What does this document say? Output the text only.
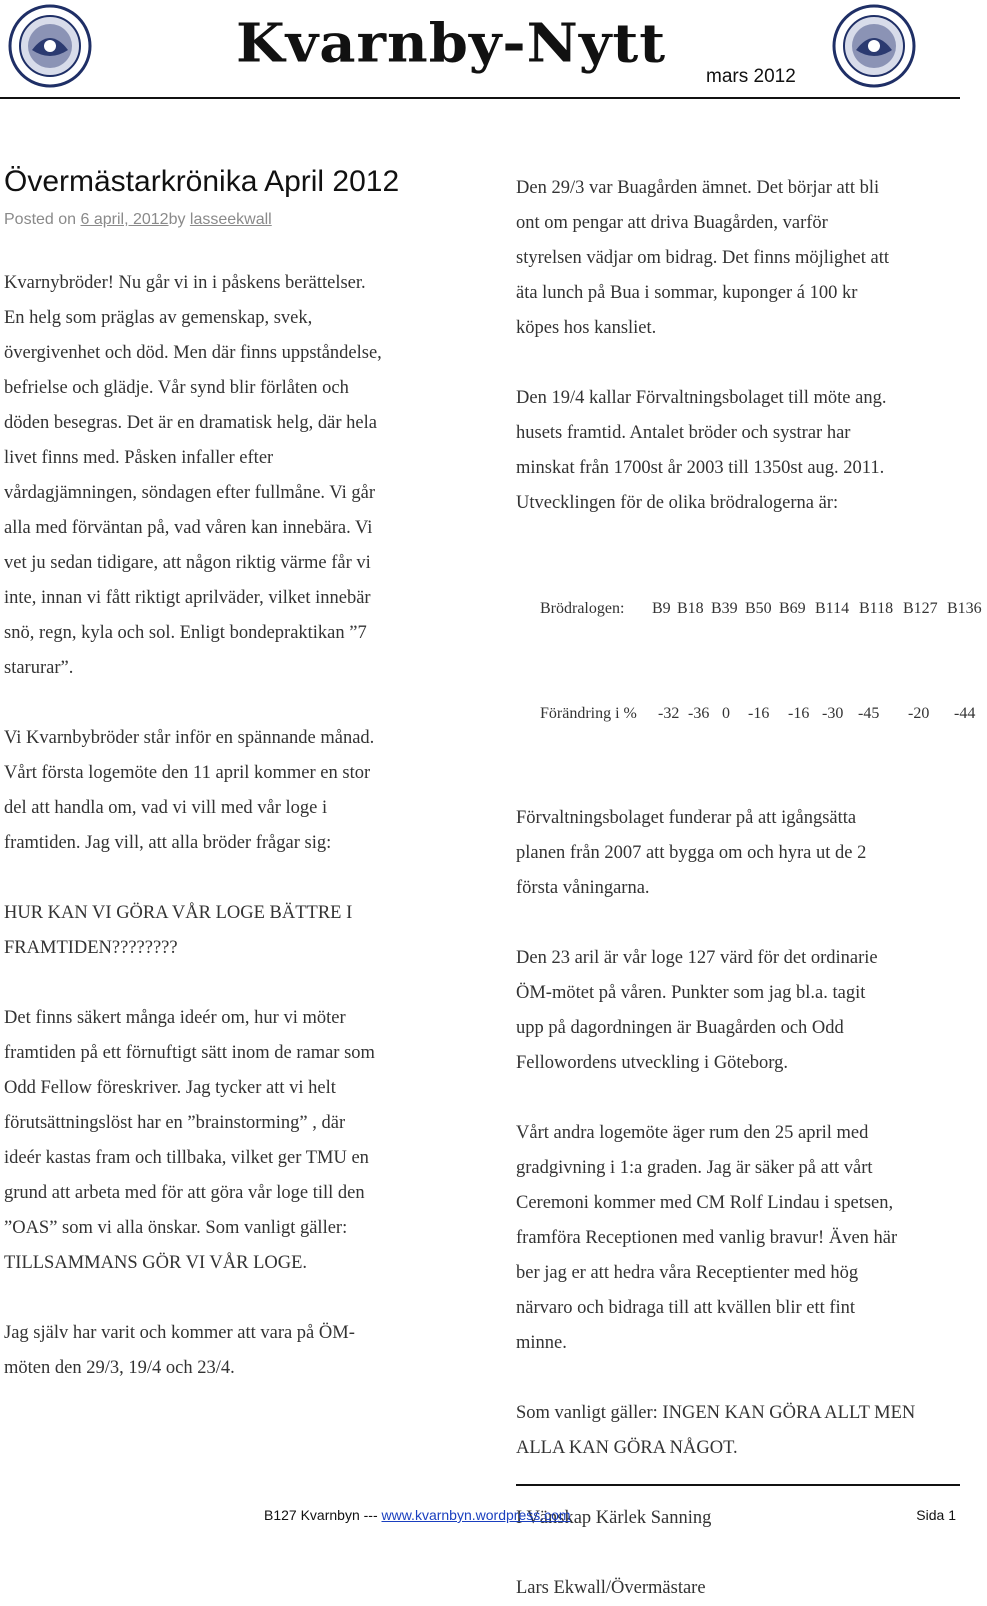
Kvarnby-Nytt
mars 2012
Övermästarkrönika April 2012
Posted on 6 april, 2012by lasseekwall

Kvarnybröder! Nu går vi in i påskens berättelser.
En helg som präglas av gemenskap, svek,
övergivenhet och död. Men där finns uppståndelse,
befrielse och glädje. Vår synd blir förlåten och
döden besegras. Det är en dramatisk helg, där hela
livet finns med. Påsken infaller efter
vårdagjämningen, söndagen efter fullmåne. Vi går
alla med förväntan på, vad våren kan innebära. Vi
vet ju sedan tidigare, att någon riktig värme får vi
inte, innan vi fått riktigt aprilväder, vilket innebär
snö, regn, kyla och sol. Enligt bondepraktikan ”7
starurar”.

Vi Kvarnbybröder står inför en spännande månad.
Vårt första logemöte den 11 april kommer en stor
del att handla om, vad vi vill med vår loge i
framtiden. Jag vill, att alla bröder frågar sig:

HUR KAN VI GÖRA VÅR LOGE BÄTTRE I
FRAMTIDEN????????

Det finns säkert många ideér om, hur vi möter
framtiden på ett förnuftigt sätt inom de ramar som
Odd Fellow föreskriver. Jag tycker att vi helt
förutsättningslöst har en ”brainstorming” , där
ideér kastas fram och tillbaka, vilket ger TMU en
grund att arbeta med för att göra vår loge till den
”OAS” som vi alla önskar. Som vanligt gäller:
TILLSAMMANS GÖR VI VÅR LOGE.

Jag själv har varit och kommer att vara på ÖM-
möten den 29/3, 19/4 och 23/4.

Den 29/3 var Buagården ämnet. Det börjar att bli
ont om pengar att driva Buagården, varför
styrelsen vädjar om bidrag. Det finns möjlighet att
äta lunch på Bua i sommar, kuponger á 100 kr
köpes hos kansliet.

Den 19/4 kallar Förvaltningsbolaget till möte ang.
husets framtid. Antalet bröder och systrar har
minskat från 1700st år 2003 till 1350st aug. 2011.
Utvecklingen för de olika brödralogerna är:

Brödralogen: B9 B18 B39 B50 B69 B114 B118 B127 B136

Förändring i % -32 -36 0 -16 -16 -30 -45 -20 -44

Förvaltningsbolaget funderar på att igångsätta
planen från 2007 att bygga om och hyra ut de 2
första våningarna.

Den 23 aril är vår loge 127 värd för det ordinarie
ÖM-mötet på våren. Punkter som jag bl.a. tagit
upp på dagordningen är Buagården och Odd
Fellowordens utveckling i Göteborg.

Vårt andra logemöte äger rum den 25 april med
gradgivning i 1:a graden. Jag är säker på att vårt
Ceremoni kommer med CM Rolf Lindau i spetsen,
framföra Receptionen med vanlig bravur! Även här
ber jag er att hedra våra Receptienter med hög
närvaro och bidraga till att kvällen blir ett fint
minne.

Som vanligt gäller: INGEN KAN GÖRA ALLT MEN
ALLA KAN GÖRA NÅGOT.

I Vänskap Kärlek Sanning

Lars Ekwall/Övermästare

B127 Kvarnbyn --- www.kvarnbyn.wordpress.com	Sida 1
